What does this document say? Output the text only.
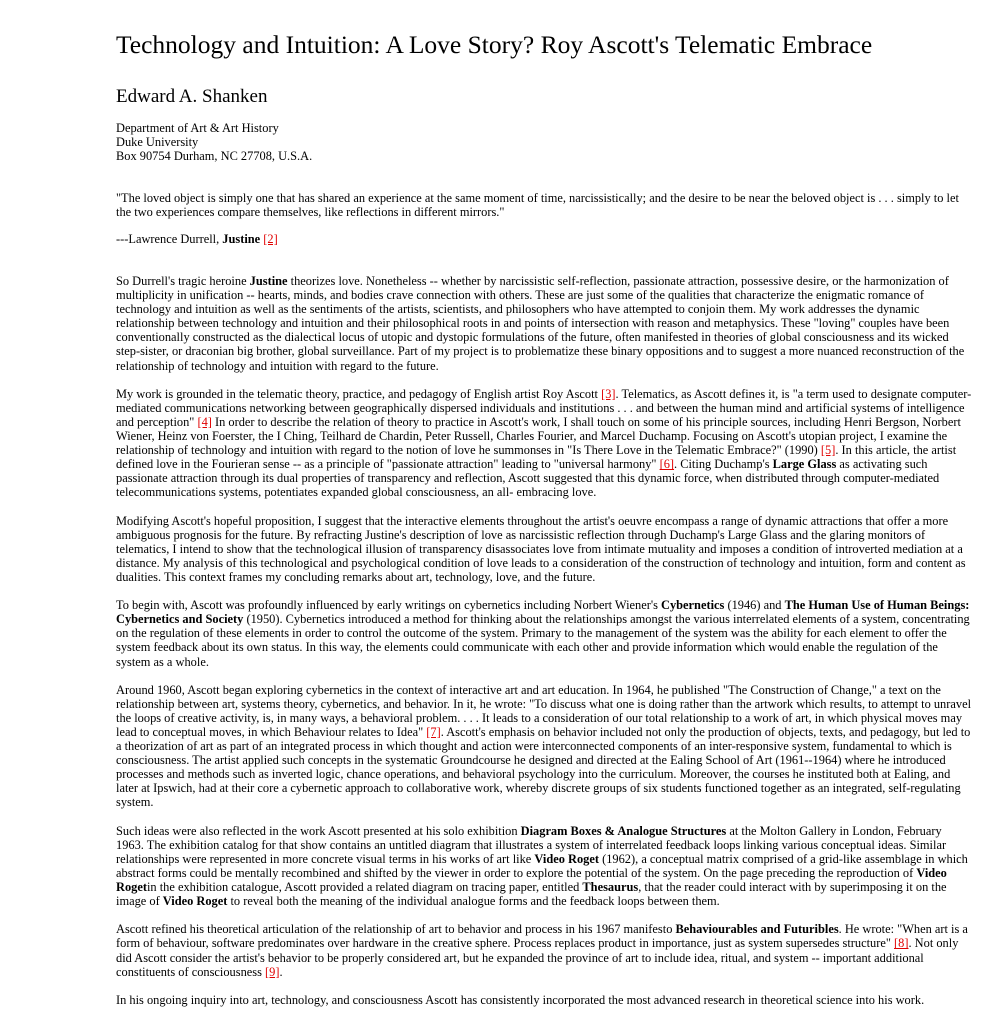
Technology and Intuition: A Love Story? Roy Ascott's Telematic Embrace
Edward A. Shanken
Department of Art & Art History
Duke University
Box 90754 Durham, NC 27708, U.S.A.
"The loved object is simply one that has shared an experience at the same moment of time, narcissistically; and the desire to be near the beloved object is . . . simply to let the two experiences compare themselves, like reflections in different mirrors."
---Lawrence Durrell, Justine [2]

So Durrell's tragic heroine Justine theorizes love. Nonetheless -- whether by narcissistic self-reflection, passionate attraction, possessive desire, or the harmonization of multiplicity in unification -- hearts, minds, and bodies crave connection with others. These are just some of the qualities that characterize the enigmatic romance of technology and intuition as well as the sentiments of the artists, scientists, and philosophers who have attempted to conjoin them. My work addresses the dynamic relationship between technology and intuition and their philosophical roots in and points of intersection with reason and metaphysics. These "loving" couples have been conventionally constructed as the dialectical locus of utopic and dystopic formulations of the future, often manifested in theories of global consciousness and its wicked step-sister, or draconian big brother, global surveillance. Part of my project is to problematize these binary oppositions and to suggest a more nuanced reconstruction of the relationship of technology and intuition with regard to the future.

My work is grounded in the telematic theory, practice, and pedagogy of English artist Roy Ascott [3]. Telematics, as Ascott defines it, is "a term used to designate computer-mediated communications networking between geographically dispersed individuals and institutions . . . and between the human mind and artificial systems of intelligence and perception" [4] In order to describe the relation of theory to practice in Ascott's work, I shall touch on some of his principle sources, including Henri Bergson, Norbert Wiener, Heinz von Foerster, the I Ching, Teilhard de Chardin, Peter Russell, Charles Fourier, and Marcel Duchamp. Focusing on Ascott's utopian project, I examine the relationship of technology and intuition with regard to the notion of love he summonses in "Is There Love in the Telematic Embrace?" (1990) [5]. In this article, the artist defined love in the Fourieran sense -- as a principle of "passionate attraction" leading to "universal harmony" [6]. Citing Duchamp's Large Glass as activating such passionate attraction through its dual properties of transparency and reflection, Ascott suggested that this dynamic force, when distributed through computer-mediated telecommunications systems, potentiates expanded global consciousness, an all- embracing love.

Modifying Ascott's hopeful proposition, I suggest that the interactive elements throughout the artist's oeuvre encompass a range of dynamic attractions that offer a more ambiguous prognosis for the future. By refracting Justine's description of love as narcissistic reflection through Duchamp's Large Glass and the glaring monitors of telematics, I intend to show that the technological illusion of transparency disassociates love from intimate mutuality and imposes a condition of introverted mediation at a distance. My analysis of this technological and psychological condition of love leads to a consideration of the construction of technology and intuition, form and content as dualities. This context frames my concluding remarks about art, technology, love, and the future.

To begin with, Ascott was profoundly influenced by early writings on cybernetics including Norbert Wiener's Cybernetics (1946) and The Human Use of Human Beings: Cybernetics and Society (1950). Cybernetics introduced a method for thinking about the relationships amongst the various interrelated elements of a system, concentrating on the regulation of these elements in order to control the outcome of the system. Primary to the management of the system was the ability for each element to offer the system feedback about its own status. In this way, the elements could communicate with each other and provide information which would enable the regulation of the system as a whole.

Around 1960, Ascott began exploring cybernetics in the context of interactive art and art education. In 1964, he published "The Construction of Change," a text on the relationship between art, systems theory, cybernetics, and behavior. In it, he wrote: "To discuss what one is doing rather than the artwork which results, to attempt to unravel the loops of creative activity, is, in many ways, a behavioral problem. . . . It leads to a consideration of our total relationship to a work of art, in which physical moves may lead to conceptual moves, in which Behaviour relates to Idea" [7]. Ascott's emphasis on behavior included not only the production of objects, texts, and pedagogy, but led to a theorization of art as part of an integrated process in which thought and action were interconnected components of an inter-responsive system, fundamental to which is consciousness. The artist applied such concepts in the systematic Groundcourse he designed and directed at the Ealing School of Art (1961--1964) where he introduced processes and methods such as inverted logic, chance operations, and behavioral psychology into the curriculum. Moreover, the courses he instituted both at Ealing, and later at Ipswich, had at their core a cybernetic approach to collaborative work, whereby discrete groups of six students functioned together as an integrated, self-regulating system.

Such ideas were also reflected in the work Ascott presented at his solo exhibition Diagram Boxes & Analogue Structures at the Molton Gallery in London, February 1963. The exhibition catalog for that show contains an untitled diagram that illustrates a system of interrelated feedback loops linking various conceptual ideas. Similar relationships were represented in more concrete visual terms in his works of art like Video Roget (1962), a conceptual matrix comprised of a grid-like assemblage in which abstract forms could be mentally recombined and shifted by the viewer in order to explore the potential of the system. On the page preceding the reproduction of Video Rogetin the exhibition catalogue, Ascott provided a related diagram on tracing paper, entitled Thesaurus, that the reader could interact with by superimposing it on the image of Video Roget to reveal both the meaning of the individual analogue forms and the feedback loops between them.

Ascott refined his theoretical articulation of the relationship of art to behavior and process in his 1967 manifesto Behaviourables and Futuribles. He wrote: "When art is a form of behaviour, software predominates over hardware in the creative sphere. Process replaces product in importance, just as system supersedes structure" [8]. Not only did Ascott consider the artist's behavior to be properly considered art, but he expanded the province of art to include idea, ritual, and system -- important additional constituents of consciousness [9].

In his ongoing inquiry into art, technology, and consciousness Ascott has consistently incorporated the most advanced research in theoretical science into his work.
